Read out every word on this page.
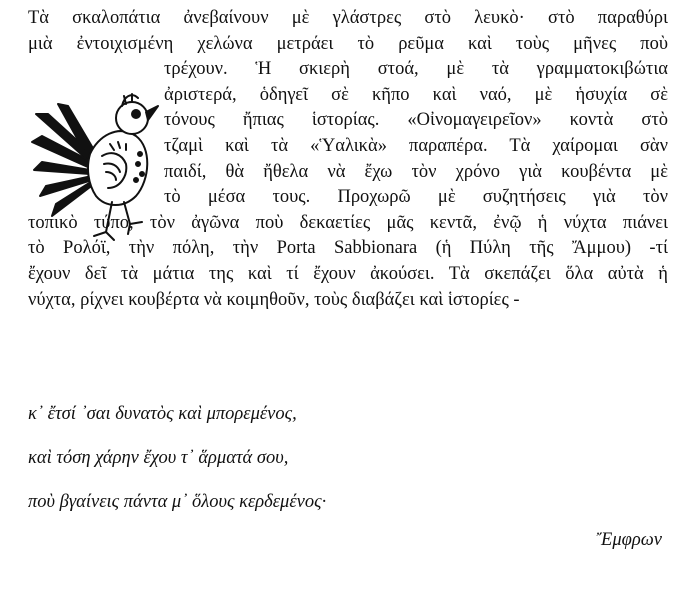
Τὰ σκαλοπάτια ἀνεβαίνουν μὲ γλάστρες στὸ λευκὸ· στὸ παραθύρι
μιὰ ἐντοιχισμένη χελώνα μετράει τὸ ρεῦμα καὶ τοὺς μῆνες ποὺ
τρέχουν. Ἡ σκιερὴ στοά, μὲ τὰ γραμματοκιβώτια
ἀριστερά, ὁδηγεῖ σὲ κῆπο καὶ ναό, μὲ ἡσυχία σὲ
τόνους ἤπιας ἱστορίας. «Οἰνομαγειρεῖον» κοντὰ στὸ
τζαμὶ καὶ τὰ «Ὑαλικὰ» παραπέρα. Τὰ χαίρομαι σὰν
παιδί, θὰ ἤθελα νὰ ἔχω τὸν χρόνο γιὰ κουβέντα μὲ
τὸ μέσα τους. Προχωρῶ μὲ συζητήσεις γιὰ τὸν
τοπικὸ τύπο, τὸν ἀγῶνα ποὺ δεκαετίες μᾶς κεντᾶ, ἐνῷ ἡ νύχτα πιάνει
τὸ Ρολόϊ, τὴν πόλη, τὴν Porta Sabbionara (ἡ Πύλη τῆς Ἄμμου) -τί
ἔχουν δεῖ τὰ μάτια της καὶ τί ἔχουν ἀκούσει. Τὰ σκεπάζει ὅλα αὐτὰ ἡ
νύχτα, ρίχνει κουβέρτα νὰ κοιμηθοῦν, τοὺς διαβάζει καὶ ἱστορίες -
κ᾽ ἔτσί ᾽σαι δυνατὸς καὶ μπορεμένος,
καὶ τόση χάρην ἔχου τ᾽ ἅρματά σου,
ποὺ βγαίνεις πάντα μ᾽ ὅλους κερδεμένος·
Ἔμφρων
